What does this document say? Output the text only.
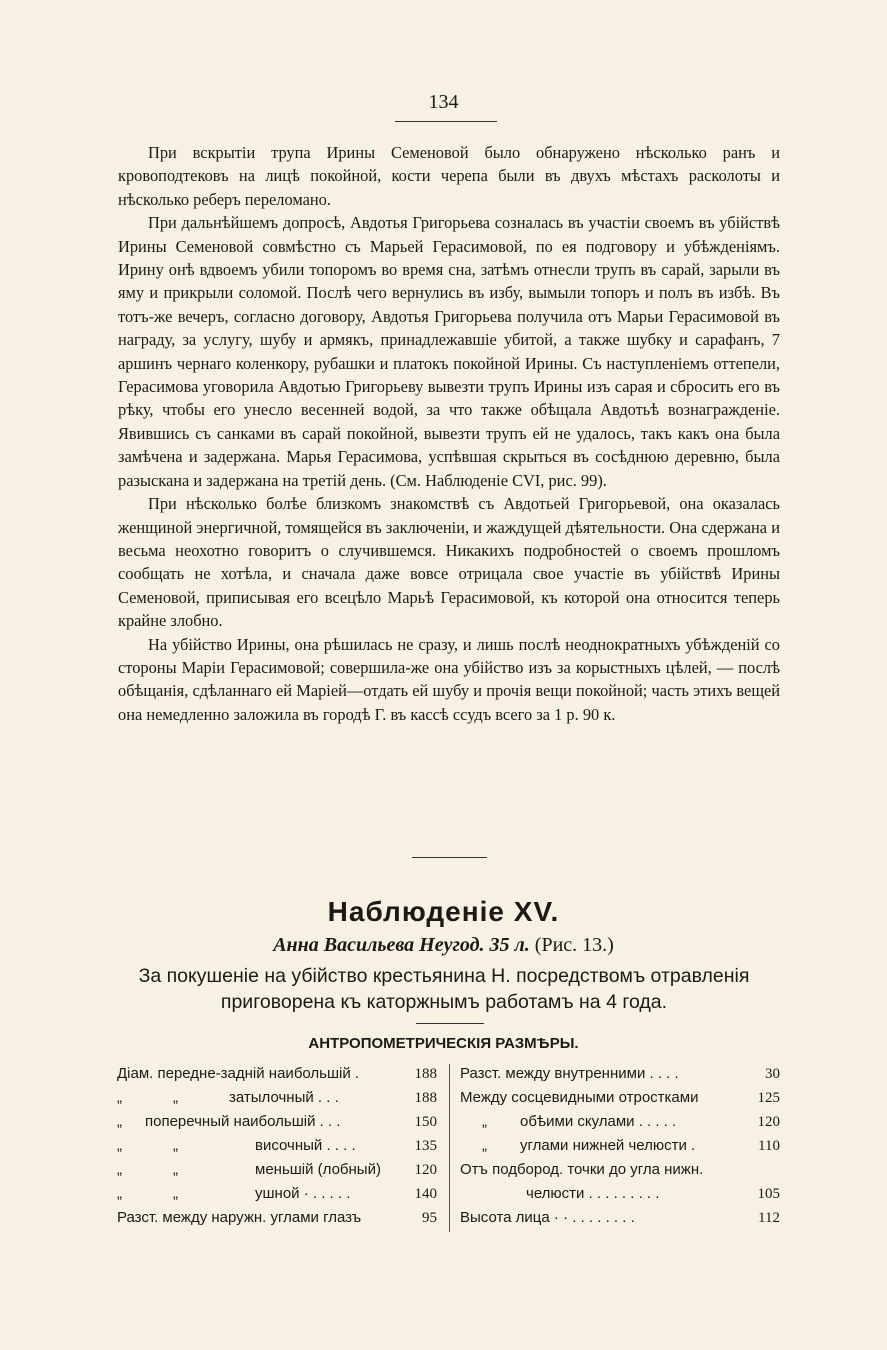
134

При вскрытіи трупа Ирины Семеновой было обнаружено нѣсколько ранъ и кровоподтековъ на лицѣ покойной, кости черепа были въ двухъ мѣстахъ расколоты и нѣсколько реберъ переломано.

При дальнѣйшемъ допросѣ, Авдотья Григорьева созналась въ участіи своемъ въ убійствѣ Ирины Семеновой совмѣстно съ Марьей Герасимовой, по ея подговору и убѣжденіямъ. Ирину онѣ вдвоемъ убили топоромъ во время сна, затѣмъ отнесли трупъ въ сарай, зарыли въ яму и прикрыли соломой. Послѣ чего вернулись въ избу, вымыли топоръ и полъ въ избѣ. Въ тотъ-же вечеръ, согласно договору, Авдотья Григорьева получила отъ Марьи Герасимовой въ награду, за услугу, шубу и армякъ, принадлежавшіе убитой, а также шубку и сарафанъ, 7 аршинъ чернаго коленкору, рубашки и платокъ покойной Ирины. Съ наступленіемъ оттепели, Герасимова уговорила Авдотью Григорьеву вывезти трупъ Ирины изъ сарая и сбросить его въ рѣку, чтобы его унесло весенней водой, за что также обѣщала Авдотьѣ вознагражденіе. Явившись съ санками въ сарай покойной, вывезти трупъ ей не удалось, такъ какъ она была замѣчена и задержана. Марья Герасимова, успѣвшая скрыться въ сосѣднюю деревню, была разыскана и задержана на третій день. (См. Наблюденіе CVI, рис. 99).

При нѣсколько болѣе близкомъ знакомствѣ съ Авдотьей Григорьевой, она оказалась женщиной энергичной, томящейся въ заключеніи, и жаждущей дѣятельности. Она сдержана и весьма неохотно говоритъ о случившемся. Никакихъ подробностей о своемъ прошломъ сообщать не хотѣла, и сначала даже вовсе отрицала свое участіе въ убійствѣ Ирины Семеновой, приписывая его всецѣло Марьѣ Герасимовой, къ которой она относится теперь крайне злобно.

На убійство Ирины, она рѣшилась не сразу, и лишь послѣ неоднократныхъ убѣжденій со стороны Маріи Герасимовой; совершила-же она убійство изъ за корыстныхъ цѣлей, — послѣ обѣщанія, сдѣланнаго ей Маріей—отдать ей шубу и прочія вещи покойной; часть этихъ вещей она немедленно заложила въ городѣ Г. въ кассѣ ссудъ всего за 1 р. 90 к.

Наблюденіе XV.
Анна Васильева Неугод. 35 л. (Рис. 13.)
За покушеніе на убійство крестьянина Н. посредствомъ отравленія приговорена къ каторжнымъ работамъ на 4 года.
АНТРОПОМЕТРИЧЕСКІЯ РАЗМѢРЫ.
Діам. передне-задній наибольшій .	188
„	„	затылочный . . .	188
„ поперечный наибольшій . . .	150
„	„	височный . . . .	135
„	„	меньшій (лобный)	120
„	„	ушной · . . . . .	140
Разст. между наружн. углами глазъ	95
Разст. между внутренними . . . .	30
Между сосцевидными отростками	125
„ обѣими скулами . . . . .	120
„ углами нижней челюсти .	110
Отъ подбород. точки до угла нижн.
челюсти . . . . . . . . .	105
Высота лица · · . . . . . . . .	112
